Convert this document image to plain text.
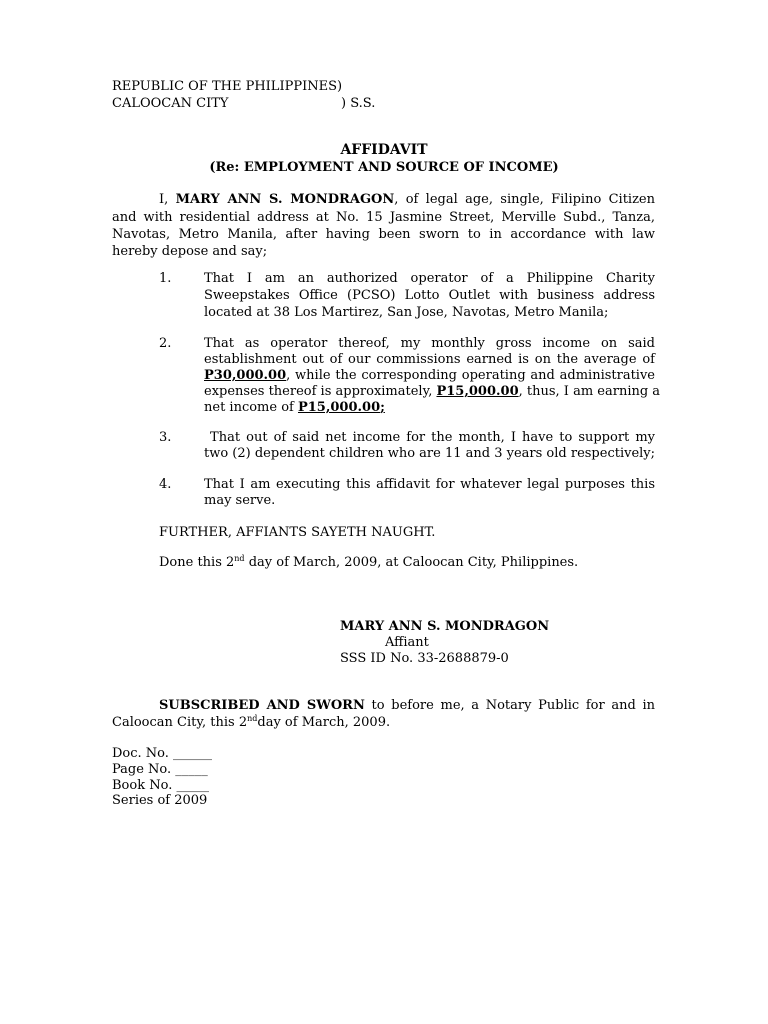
REPUBLIC OF THE PHILIPPINES)
CALOOCAN CITY	) S.S.
AFFIDAVIT
(Re: EMPLOYMENT AND SOURCE OF INCOME)
I, MARY ANN S. MONDRAGON, of legal age, single, Filipino Citizen
and with residential address at No. 15 Jasmine Street, Merville Subd., Tanza,
Navotas, Metro Manila, after having been sworn to in accordance with law
hereby depose and say;
1.	That I am an authorized operator of a Philippine Charity
Sweepstakes Office (PCSO) Lotto Outlet with business address
located at 38 Los Martirez, San Jose, Navotas, Metro Manila;
2.	That as operator thereof, my monthly gross income on said
establishment out of our commissions earned is on the average of
P30,000.00, while the corresponding operating and administrative
expenses thereof is approximately, P15,000.00, thus, I am earning a
net income of P15,000.00;
3.	That out of said net income for the month, I have to support my
two (2) dependent children who are 11 and 3 years old respectively;
4.	That I am executing this affidavit for whatever legal purposes this
may serve.
FURTHER, AFFIANTS SAYETH NAUGHT.
Done this 2nd day of March, 2009, at Caloocan City, Philippines.
MARY ANN S. MONDRAGON
Affiant
SSS ID No. 33-2688879-0
SUBSCRIBED AND SWORN to before me, a Notary Public for and in
Caloocan City, this 2ndday of March, 2009.
Doc. No. ______
Page No. _____
Book No. _____
Series of 2009
